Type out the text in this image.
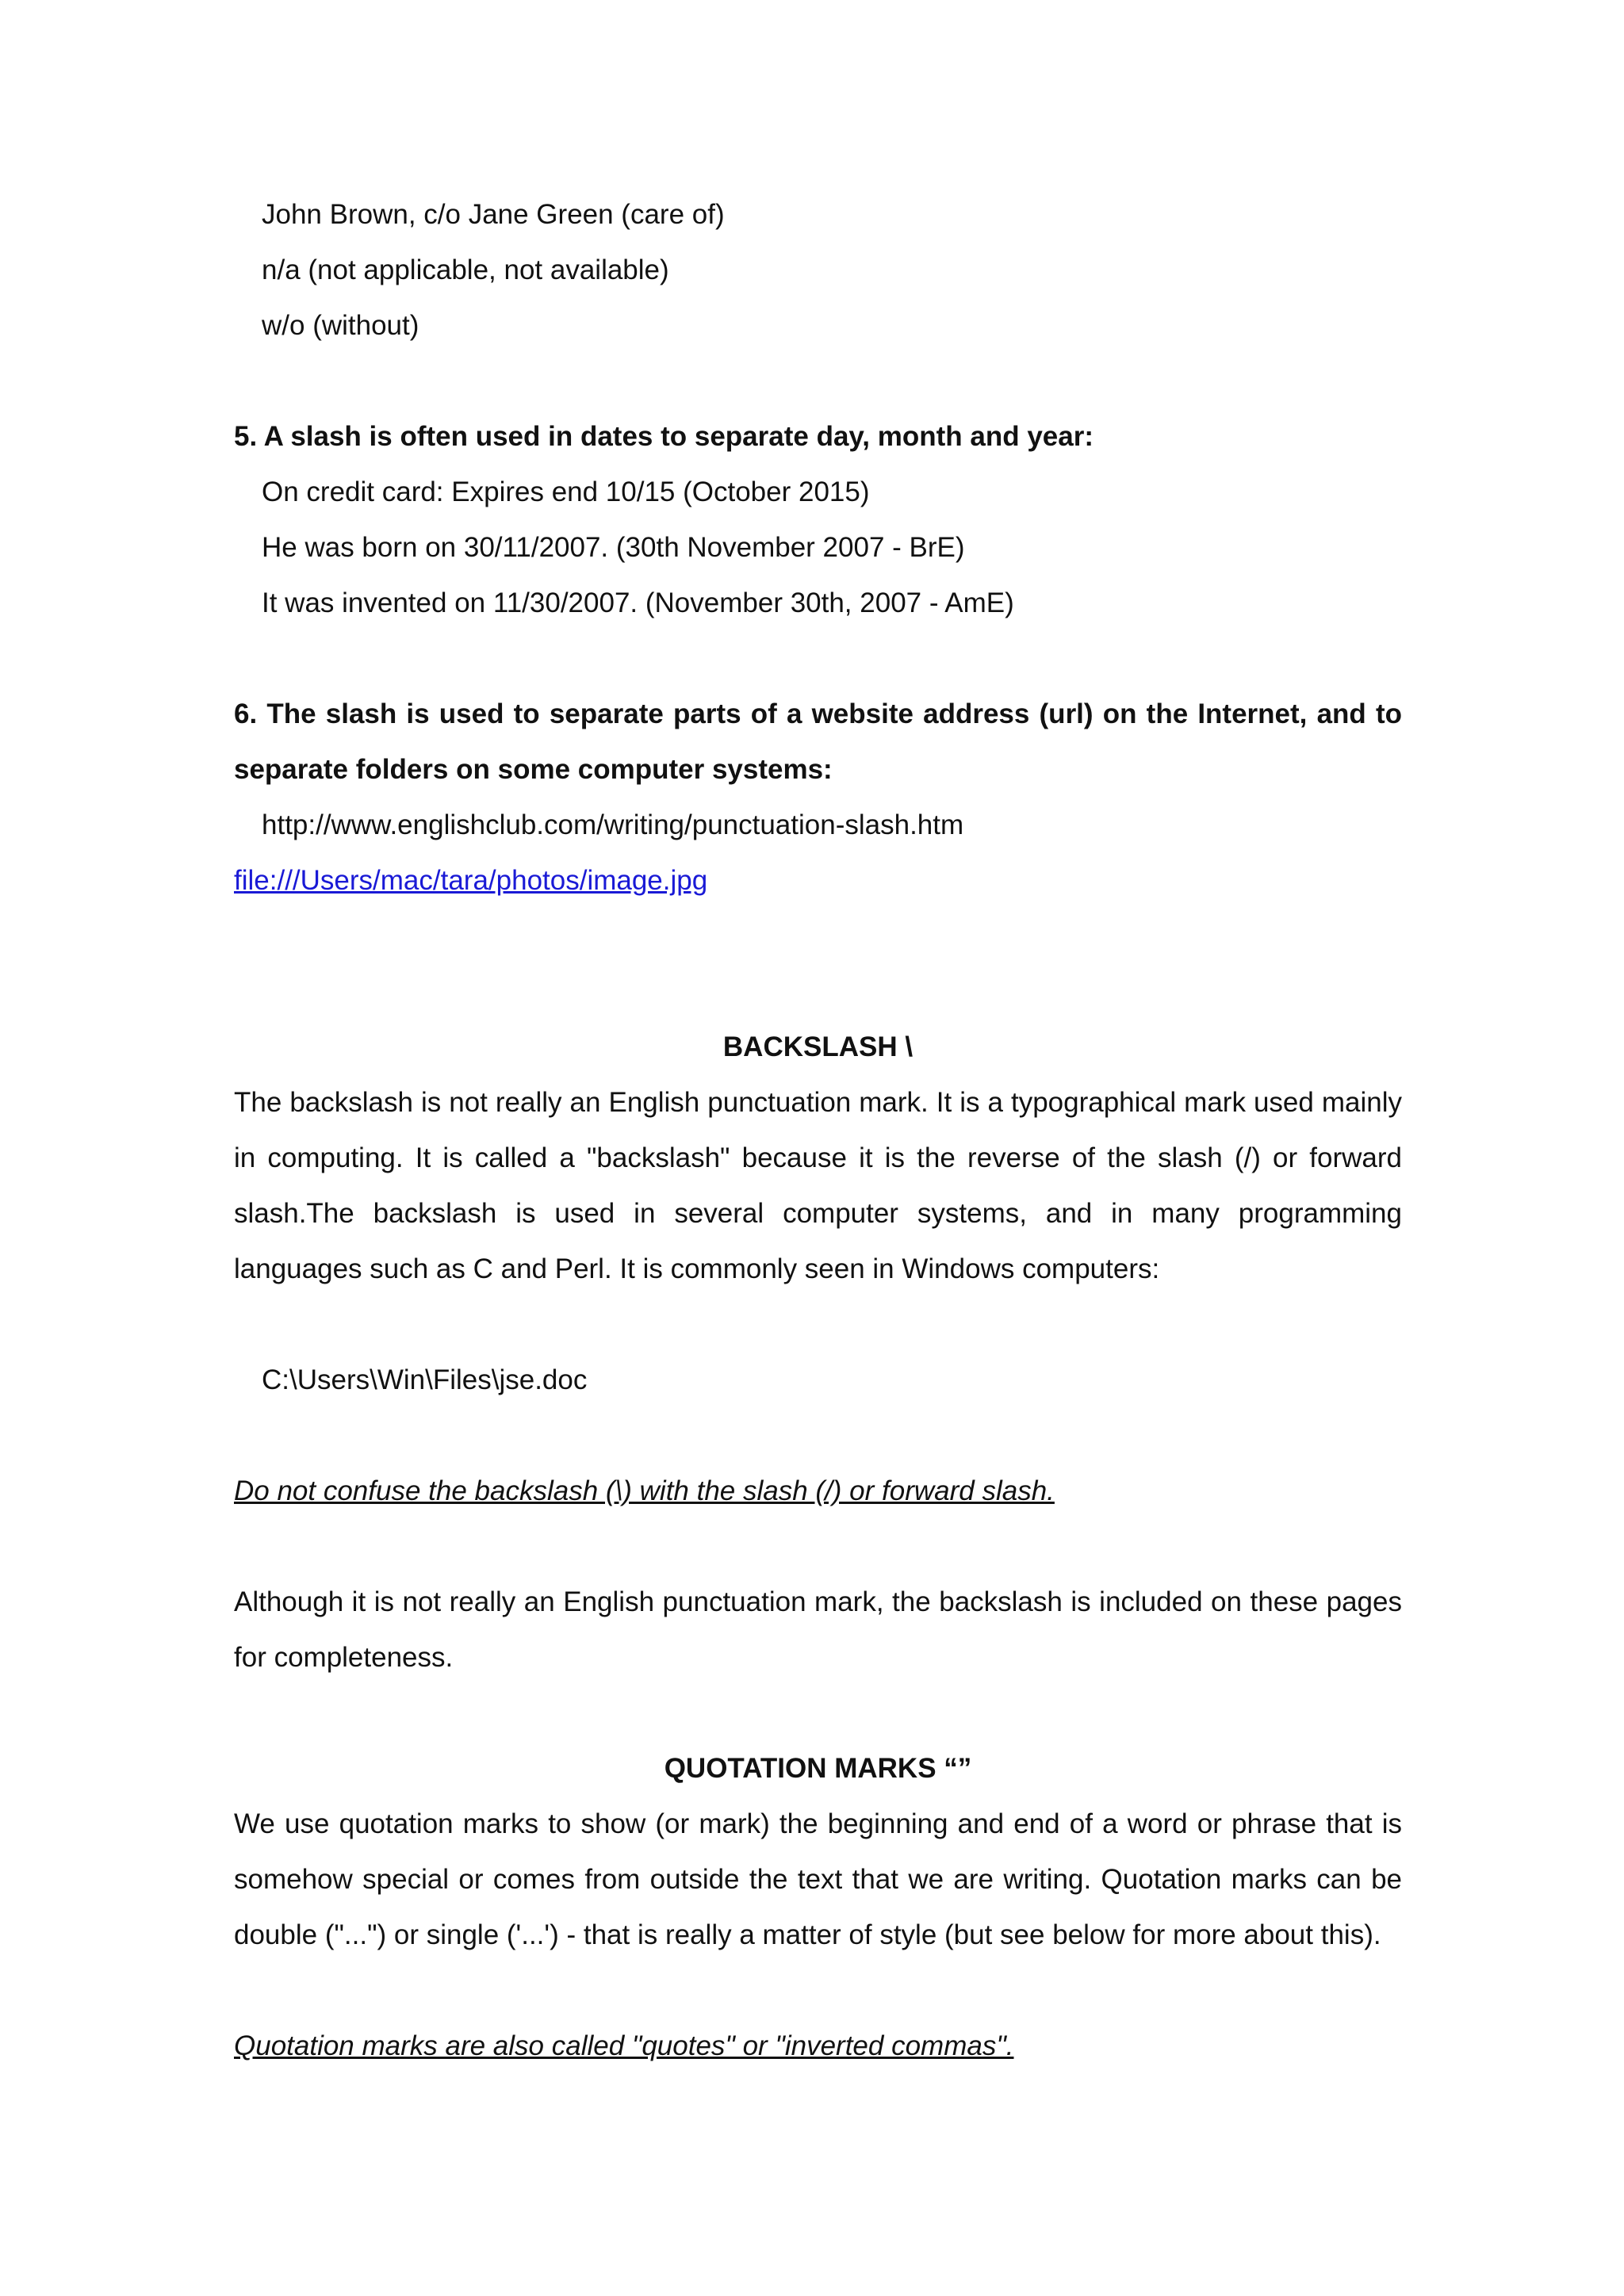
John Brown, c/o Jane Green (care of)

n/a (not applicable, not available)

w/o (without)

5. A slash is often used in dates to separate day, month and year:

On credit card: Expires end 10/15 (October 2015)

He was born on 30/11/2007. (30th November 2007 - BrE)

It was invented on 11/30/2007. (November 30th, 2007 - AmE)

6. The slash is used to separate parts of a website address (url) on the Internet, and to separate folders on some computer systems:

http://www.englishclub.com/writing/punctuation-slash.htm

file:///Users/mac/tara/photos/image.jpg

BACKSLASH \

The backslash is not really an English punctuation mark. It is a typographical mark used mainly in computing. It is called a "backslash" because it is the reverse of the slash (/) or forward slash.The backslash is used in several computer systems, and in many programming languages such as C and Perl. It is commonly seen in Windows computers:

C:\Users\Win\Files\jse.doc

Do not confuse the backslash (\) with the slash (/) or forward slash.

Although it is not really an English punctuation mark, the backslash is included on these pages for completeness.

QUOTATION MARKS “”

We use quotation marks to show (or mark) the beginning and end of a word or phrase that is somehow special or comes from outside the text that we are writing. Quotation marks can be double ("...") or single ('...') - that is really a matter of style (but see below for more about this).

Quotation marks are also called "quotes" or "inverted commas".
